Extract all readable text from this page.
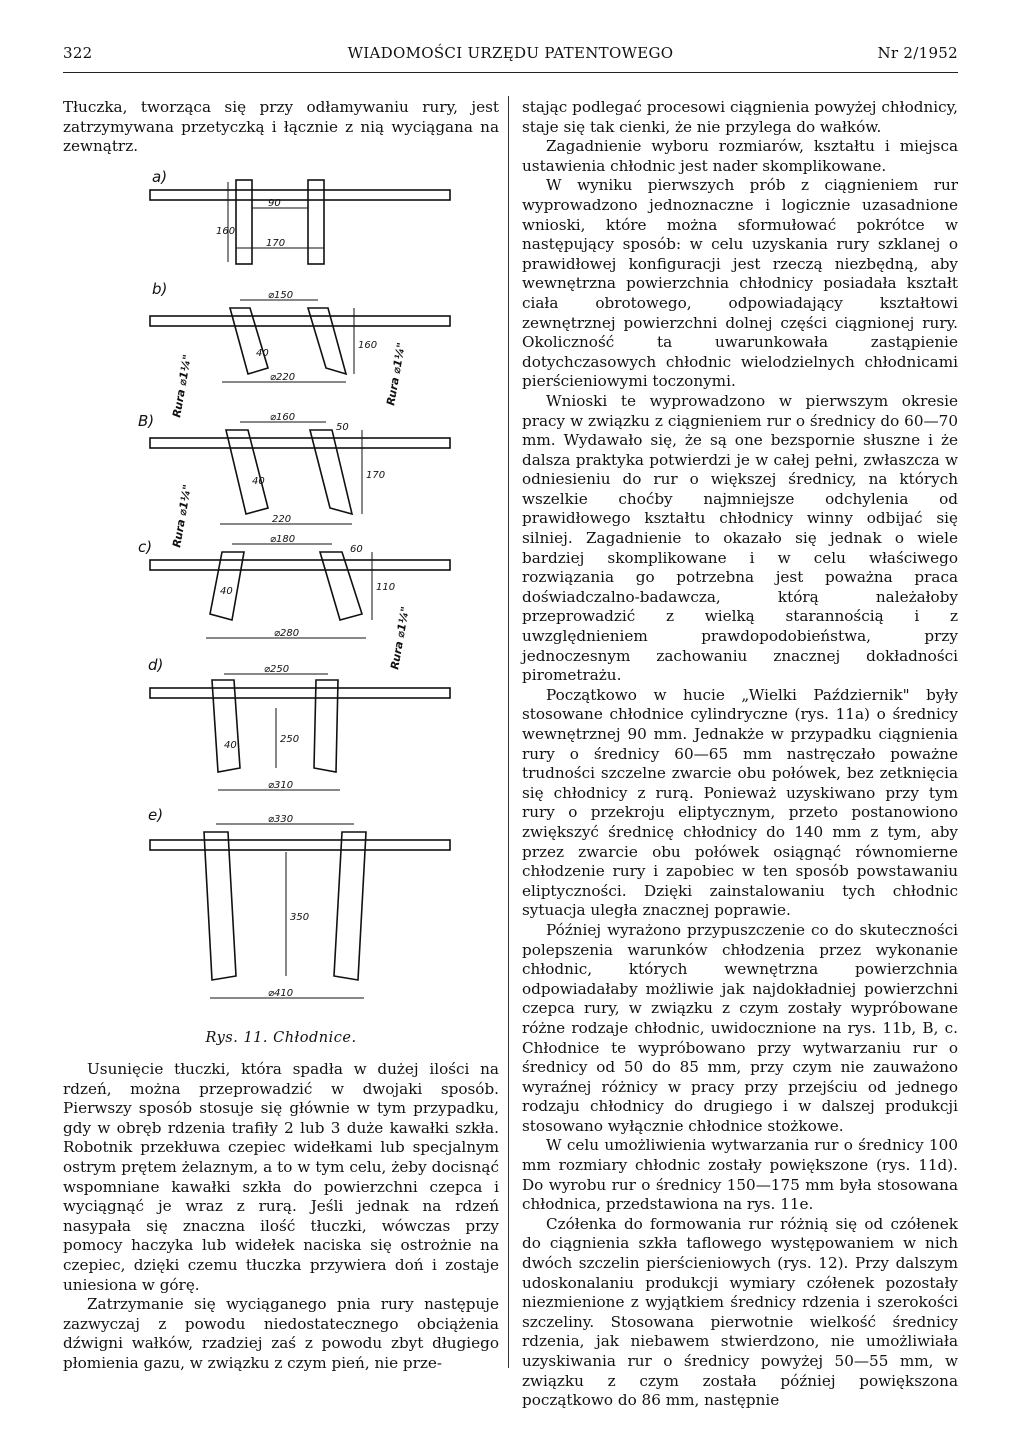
322	WIADOMOŚCI URZĘDU PATENTOWEGO	Nr 2/1952

Tłuczka, tworząca się przy odłamywaniu rury, jest zatrzymywana przetyczką i łącznie z nią wyciągana na zewnątrz.

a)
b)
B)
c)
d)
e)
90
160
170
⌀150
40
160
⌀220
⌀160
50
40
170
220
⌀180
60
40	110
⌀280
⌀250
40
250
⌀310
⌀330
350
⌀410
Rura ⌀1¼"
Rura ⌀1¼"
Rura ⌀1¼"
Rura ⌀1¼"
Rys. 11. Chłodnice.

Usunięcie tłuczki, która spadła w dużej ilości na rdzeń, można przeprowadzić w dwojaki sposób. Pierwszy sposób stosuje się głównie w tym przypadku, gdy w obręb rdzenia trafiły 2 lub 3 duże kawałki szkła. Robotnik przekłuwa czepiec widełkami lub specjalnym ostrym prętem żelaznym, a to w tym celu, żeby docisnąć wspomniane kawałki szkła do powierzchni czepca i wyciągnąć je wraz z rurą. Jeśli jednak na rdzeń nasypała się znaczna ilość tłuczki, wówczas przy pomocy haczyka lub widełek naciska się ostrożnie na czepiec, dzięki czemu tłuczka przywiera doń i zostaje uniesiona w górę.

Zatrzymanie się wyciąganego pnia rury następuje zazwyczaj z powodu niedostatecznego obciążenia dźwigni wałków, rzadziej zaś z powodu zbyt długiego płomienia gazu, w związku z czym pień, nie prze-

stając podlegać procesowi ciągnienia powyżej chłodnicy, staje się tak cienki, że nie przylega do wałków.

Zagadnienie wyboru rozmiarów, kształtu i miejsca ustawienia chłodnic jest nader skomplikowane.

W wyniku pierwszych prób z ciągnieniem rur wyprowadzono jednoznaczne i logicznie uzasadnione wnioski, które można sformułować pokrótce w następujący sposób: w celu uzyskania rury szklanej o prawidłowej konfiguracji jest rzeczą niezbędną, aby wewnętrzna powierzchnia chłodnicy posiadała kształt ciała obrotowego, odpowiadający kształtowi zewnętrznej powierzchni dolnej części ciągnionej rury. Okoliczność ta uwarunkowała zastąpienie dotychczasowych chłodnic wielodzielnych chłodnicami pierścieniowymi toczonymi.

Wnioski te wyprowadzono w pierwszym okresie pracy w związku z ciągnieniem rur o średnicy do 60—70 mm. Wydawało się, że są one bezspornie słuszne i że dalsza praktyka potwierdzi je w całej pełni, zwłaszcza w odniesieniu do rur o większej średnicy, na których wszelkie choćby najmniejsze odchylenia od prawidłowego kształtu chłodnicy winny odbijać się silniej. Zagadnienie to okazało się jednak o wiele bardziej skomplikowane i w celu właściwego rozwiązania go potrzebna jest poważna praca doświadczalno-badawcza, którą należałoby przeprowadzić z wielką starannością i z uwzględnieniem prawdopodobieństwa, przy jednoczesnym zachowaniu znacznej dokładności pirometrażu.

Początkowo w hucie „Wielki Październik" były stosowane chłodnice cylindryczne (rys. 11a) o średnicy wewnętrznej 90 mm. Jednakże w przypadku ciągnienia rury o średnicy 60—65 mm nastręczało poważne trudności szczelne zwarcie obu połówek, bez zetknięcia się chłodnicy z rurą. Ponieważ uzyskiwano przy tym rury o przekroju eliptycznym, przeto postanowiono zwiększyć średnicę chłodnicy do 140 mm z tym, aby przez zwarcie obu połówek osiągnąć równomierne chłodzenie rury i zapobiec w ten sposób powstawaniu eliptyczności. Dzięki zainstalowaniu tych chłodnic sytuacja uległa znacznej poprawie.

Później wyrażono przypuszczenie co do skuteczności polepszenia warunków chłodzenia przez wykonanie chłodnic, których wewnętrzna powierzchnia odpowiadałaby możliwie jak najdokładniej powierzchni czepca rury, w związku z czym zostały wypróbowane różne rodzaje chłodnic, uwidocznione na rys. 11b, B, c. Chłodnice te wypróbowano przy wytwarzaniu rur o średnicy od 50 do 85 mm, przy czym nie zauważono wyraźnej różnicy w pracy przy przejściu od jednego rodzaju chłodnicy do drugiego i w dalszej produkcji stosowano wyłącznie chłodnice stożkowe.

W celu umożliwienia wytwarzania rur o średnicy 100 mm rozmiary chłodnic zostały powiększone (rys. 11d). Do wyrobu rur o średnicy 150—175 mm była stosowana chłodnica, przedstawiona na rys. 11e.

Czółenka do formowania rur różnią się od czółenek do ciągnienia szkła taflowego występowaniem w nich dwóch szczelin pierścieniowych (rys. 12). Przy dalszym udoskonalaniu produkcji wymiary czółenek pozostały niezmienione z wyjątkiem średnicy rdzenia i szerokości szczeliny. Stosowana pierwotnie wielkość średnicy rdzenia, jak niebawem stwierdzono, nie umożliwiała uzyskiwania rur o średnicy powyżej 50—55 mm, w związku z czym została później powiększona początkowo do 86 mm, następnie
